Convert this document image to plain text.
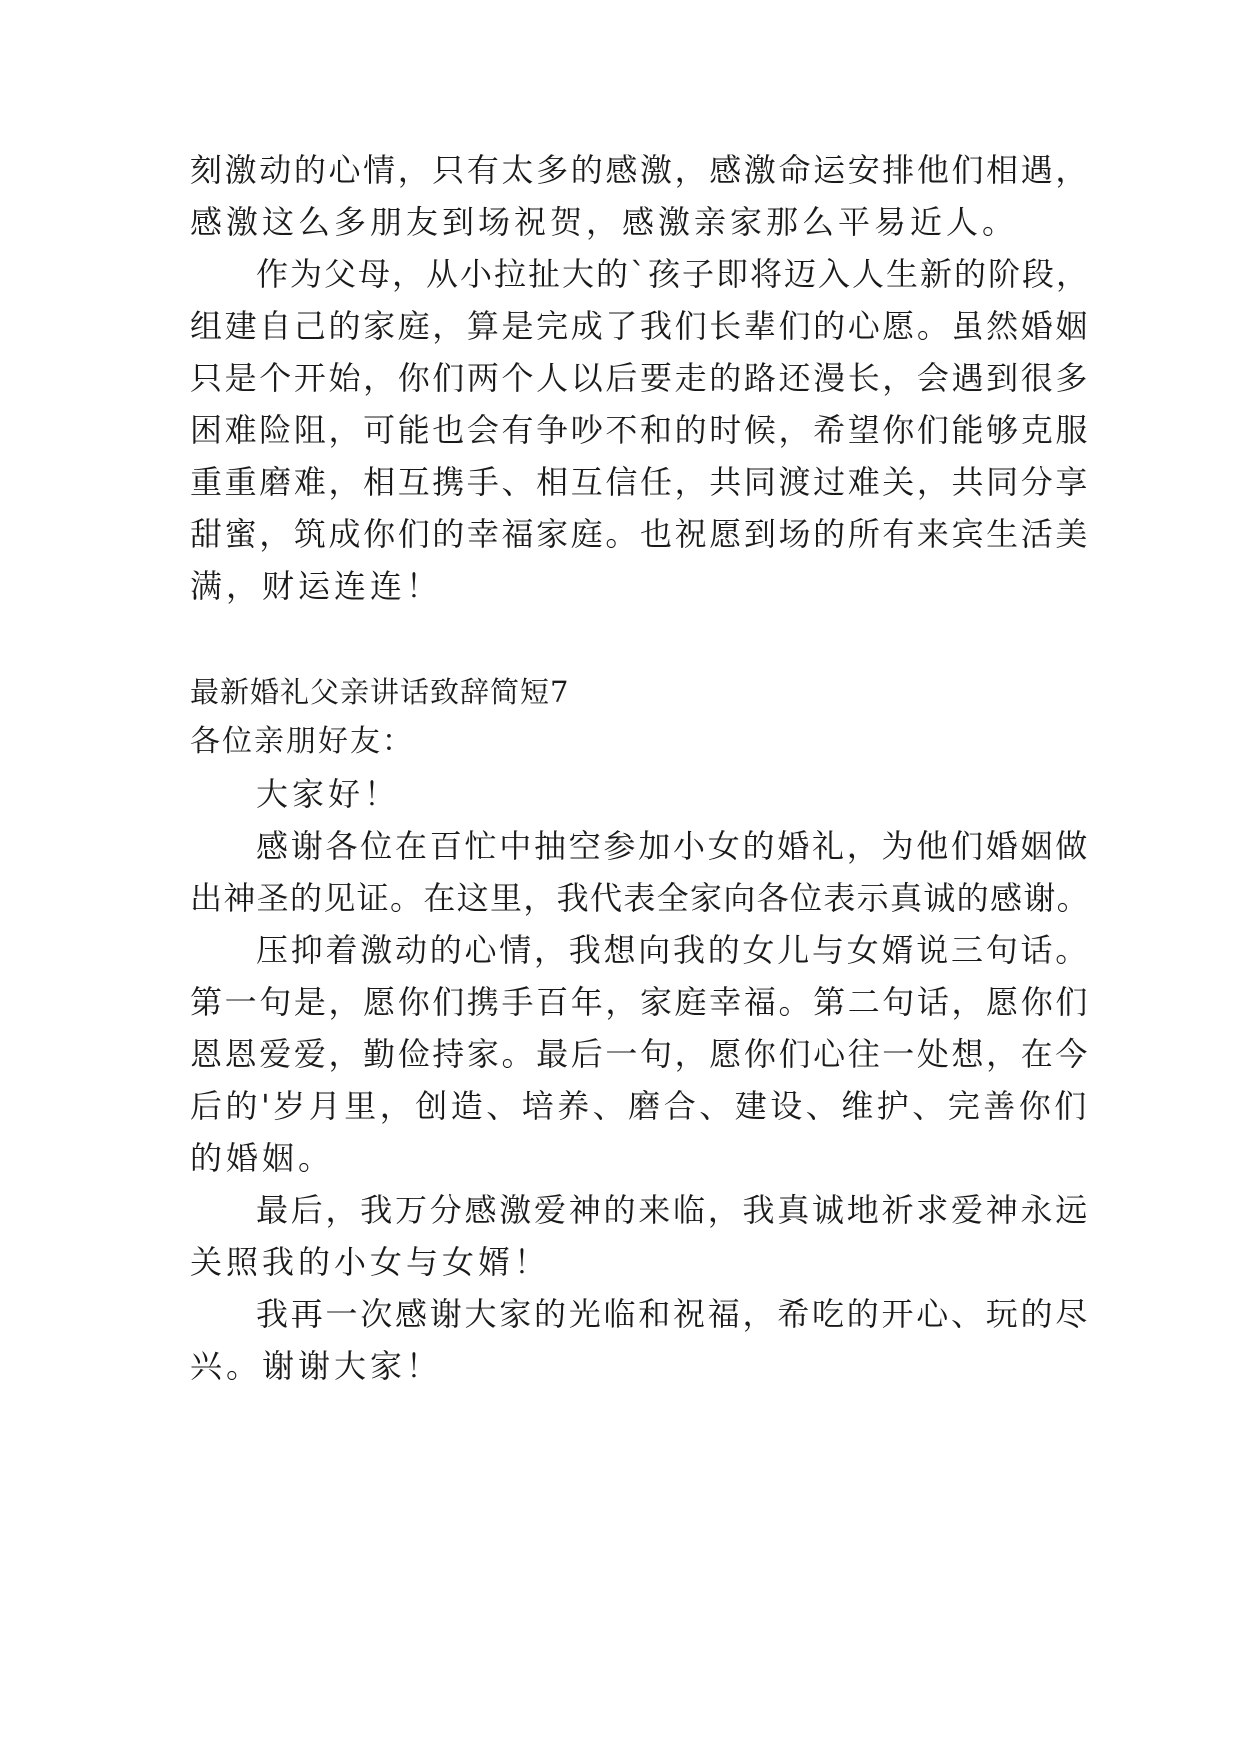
刻激动的心情，只有太多的感激，感激命运安排他们相遇，
感激这么多朋友到场祝贺，感激亲家那么平易近人。
作为父母，从小拉扯大的`孩子即将迈入人生新的阶段，
组建自己的家庭，算是完成了我们长辈们的心愿。虽然婚姻
只是个开始，你们两个人以后要走的路还漫长，会遇到很多
困难险阻，可能也会有争吵不和的时候，希望你们能够克服
重重磨难，相互携手、相互信任，共同渡过难关，共同分享
甜蜜，筑成你们的幸福家庭。也祝愿到场的所有来宾生活美
满，财运连连！
最新婚礼父亲讲话致辞简短7
各位亲朋好友：
大家好！
感谢各位在百忙中抽空参加小女的婚礼，为他们婚姻做
出神圣的见证。在这里，我代表全家向各位表示真诚的感谢。
压抑着激动的心情，我想向我的女儿与女婿说三句话。
第一句是，愿你们携手百年，家庭幸福。第二句话，愿你们
恩恩爱爱，勤俭持家。最后一句，愿你们心往一处想，在今
后的'岁月里，创造、培养、磨合、建设、维护、完善你们
的婚姻。
最后，我万分感激爱神的来临，我真诚地祈求爱神永远
关照我的小女与女婿！
我再一次感谢大家的光临和祝福，希吃的开心、玩的尽
兴。谢谢大家！
